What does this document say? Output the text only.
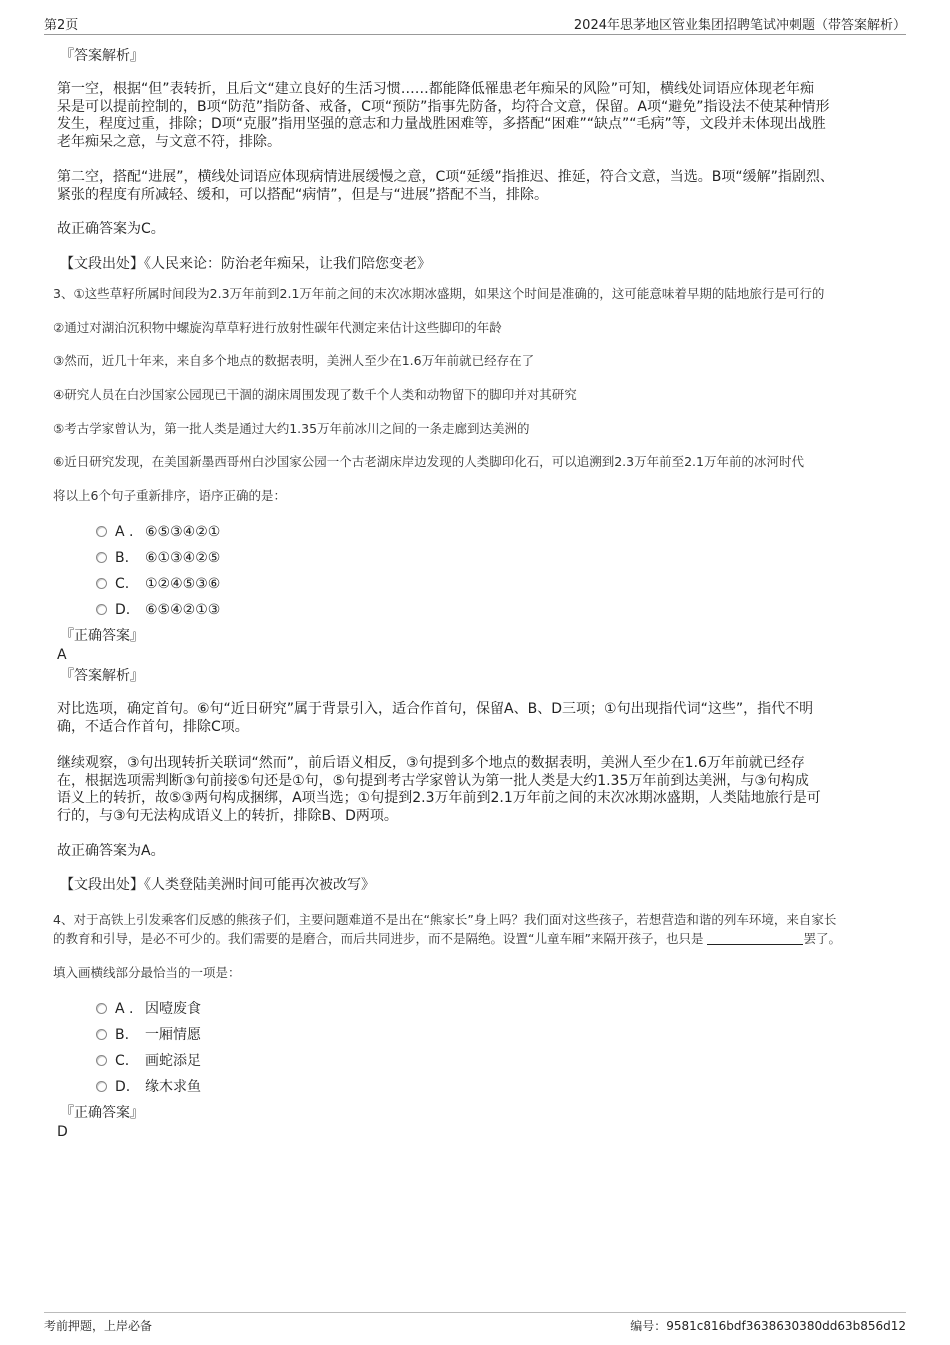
第2页	2024年思茅地区管业集团招聘笔试冲刺题（带答案解析）
『答案解析』
第一空，根据“但”表转折，且后文“建立良好的生活习惯……都能降低罹患老年痴呆的风险”可知，横线处词语应体现老年痴
呆是可以提前控制的，B项“防范”指防备、戒备，C项“预防”指事先防备，均符合文意，保留。A项“避免”指设法不使某种情形
发生，程度过重，排除；D项“克服”指用坚强的意志和力量战胜困难等，多搭配“困难”“缺点”“毛病”等，文段并未体现出战胜
老年痴呆之意，与文意不符，排除。
第二空，搭配“进展”，横线处词语应体现病情进展缓慢之意，C项“延缓”指推迟、推延，符合文意，当选。B项“缓解”指剧烈、
紧张的程度有所减轻、缓和，可以搭配“病情”，但是与“进展”搭配不当，排除。
故正确答案为C。
【文段出处】《人民来论：防治老年痴呆，让我们陪您变老》
3、①这些草籽所属时间段为2.3万年前到2.1万年前之间的末次冰期冰盛期，如果这个时间是准确的，这可能意味着早期的陆地旅行是可行的
②通过对湖泊沉积物中螺旋沟草草籽进行放射性碳年代测定来估计这些脚印的年龄
③然而，近几十年来，来自多个地点的数据表明，美洲人至少在1.6万年前就已经存在了
④研究人员在白沙国家公园现已干涸的湖床周围发现了数千个人类和动物留下的脚印并对其研究
⑤考古学家曾认为，第一批人类是通过大约1.35万年前冰川之间的一条走廊到达美洲的
⑥近日研究发现，在美国新墨西哥州白沙国家公园一个古老湖床岸边发现的人类脚印化石，可以追溯到2.3万年前至2.1万年前的冰河时代
将以上6个句子重新排序，语序正确的是：
A . ⑥⑤③④②①
B. ⑥①③④②⑤
C. ①②④⑤③⑥
D. ⑥⑤④②①③
『正确答案』
A
『答案解析』
对比选项，确定首句。⑥句“近日研究”属于背景引入，适合作首句，保留A、B、D三项；①句出现指代词“这些”，指代不明
确，不适合作首句，排除C项。
继续观察，③句出现转折关联词“然而”，前后语义相反，③句提到多个地点的数据表明，美洲人至少在1.6万年前就已经存
在，根据选项需判断③句前接⑤句还是①句，⑤句提到考古学家曾认为第一批人类是大约1.35万年前到达美洲，与③句构成
语义上的转折，故⑤③两句构成捆绑，A项当选；①句提到2.3万年前到2.1万年前之间的末次冰期冰盛期，人类陆地旅行是可
行的，与③句无法构成语义上的转折，排除B、D两项。
故正确答案为A。
【文段出处】《人类登陆美洲时间可能再次被改写》
4、对于高铁上引发乘客们反感的熊孩子们，主要问题难道不是出在“熊家长”身上吗？我们面对这些孩子，若想营造和谐的列车环境，来自家长
的教育和引导，是必不可少的。我们需要的是磨合，而后共同进步，而不是隔绝。设置“儿童车厢”来隔开孩子，也只是	罢了。
填入画横线部分最恰当的一项是：
A . 因噎废食
B. 一厢情愿
C. 画蛇添足
D. 缘木求鱼
『正确答案』
D
考前押题，上岸必备	编号：9581c816bdf3638630380dd63b856d12
